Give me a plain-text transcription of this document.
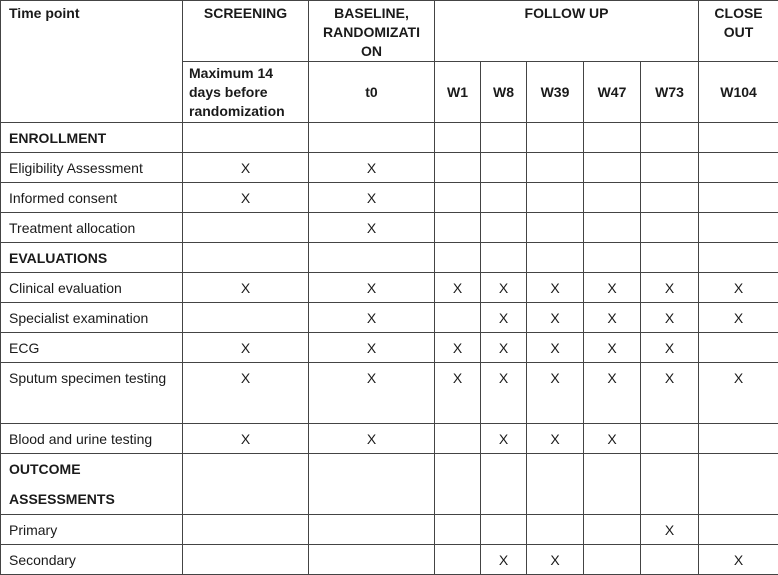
Time point	SCREENING	BASELINE, RANDOMIZATI ON	FOLLOW UP					CLOSE OUT
	Maximum 14 days before randomization	t0	W1	W8	W39	W47	W73	W104
ENROLLMENT								
Eligibility Assessment	X	X						
Informed consent	X	X						
Treatment allocation		X						
EVALUATIONS								
Clinical evaluation	X	X	X	X	X	X	X	X
Specialist examination		X		X	X	X	X	X
ECG	X	X	X	X	X	X	X	
Sputum specimen testing	X	X	X	X	X	X	X	X
Blood and urine testing	X	X		X	X	X		
OUTCOME ASSESSMENTS								
Primary							X	
Secondary				X	X			X
